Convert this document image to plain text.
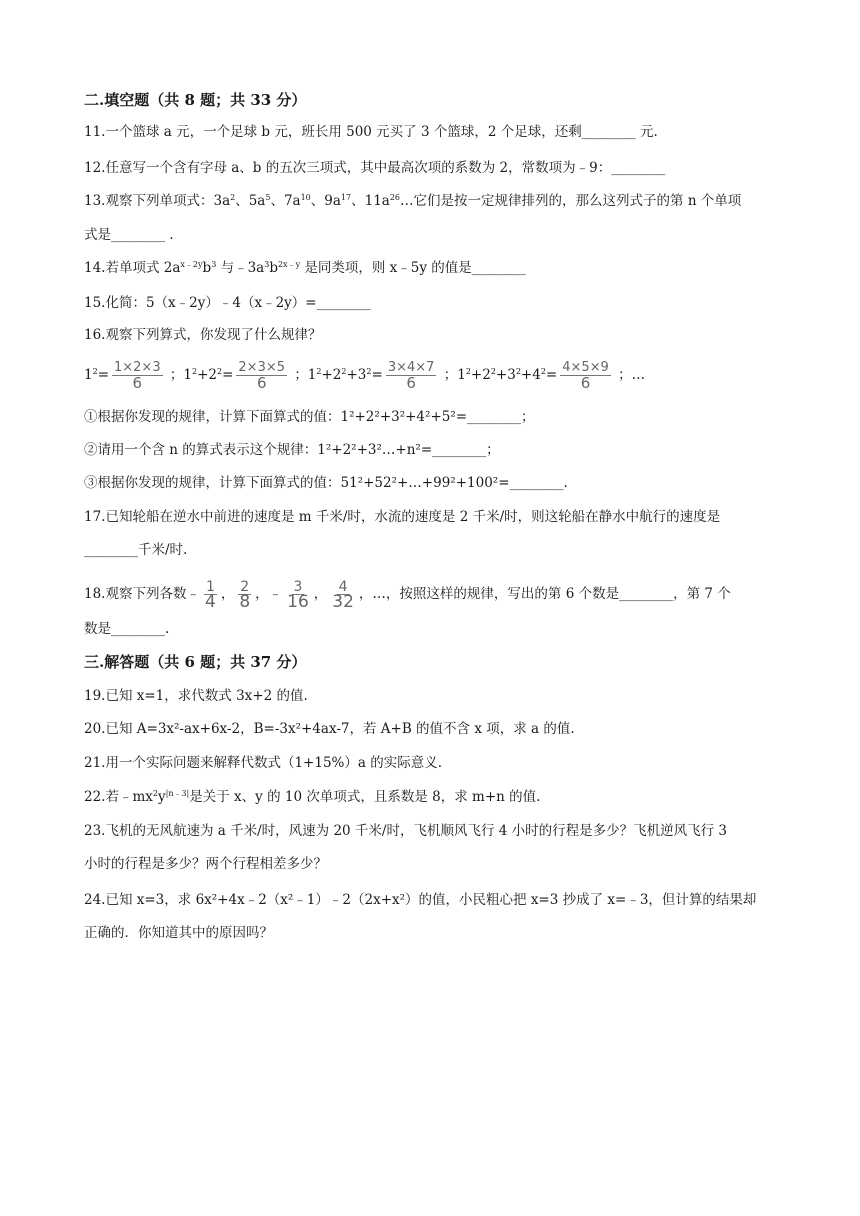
二.填空题（共 8 题；共 33 分）
11.一个篮球 a 元，一个足球 b 元，班长用 500 元买了 3 个篮球，2 个足球，还剩________ 元.
12.任意写一个含有字母 a、b 的五次三项式，其中最高次项的系数为 2，常数项为﹣9：________
13.观察下列单项式：$3a^2$、$5a^5$、$7a^{10}$、$9a^{17}$、$11a^{26}\dots$它们是按一定规律排列的，那么这列式子的第 n 个单项
式是________ .
14.若单项式 $2a^{x﹣2y}b^3$ 与$﹣3a^3b^{2x﹣y}$ 是同类项，则 x﹣5y 的值是________
15.化简：5（x﹣2y）﹣4（x﹣2y）=________
16.观察下列算式，你发现了什么规律？
$1^2= \frac{1\times 2\times 3}{6}$ ；$1^2+2^2= \frac{2\times 3\times 5}{6}$ ；$1^2+2^2+3^2= \frac{3\times 4\times 7}{6}$ ；$1^2+2^2+3^2+4^2= \frac{4\times 5\times 9}{6}$ ；…
①根据你发现的规律，计算下面算式的值：1²+2²+3²+4²+5²=________；
②请用一个含 n 的算式表示这个规律：1²+2²+3²…+n²=________；
③根据你发现的规律，计算下面算式的值：51²+52²+…+99²+100²=________.
17.已知轮船在逆水中前进的速度是 m 千米/时，水流的速度是 2 千米/时，则这轮船在静水中航行的速度是
________千米/时.
18.观察下列各数﹣ $\frac{1}{4}$ ， $\frac{2}{8}$ ，﹣ $\frac{3}{16}$ ， $\frac{4}{32}$ ，…，按照这样的规律，写出的第 6 个数是________，第 7 个
数是________.
三.解答题（共 6 题；共 37 分）
19.已知 x=1，求代数式 3x+2 的值.
20.已知 A=3x²-ax+6x-2，B=-3x²+4ax-7，若 A+B 的值不含 x 项，求 a 的值.
21.用一个实际问题来解释代数式（1+15%）a 的实际意义.
22.若$﹣mx^2y^{|n﹣3|}$是关于 x、y 的 10 次单项式，且系数是 8，求 m+n 的值.
23.飞机的无风航速为 a 千米/时，风速为 20 千米/时，飞机顺风飞行 4 小时的行程是多少？飞机逆风飞行 3
小时的行程是多少？两个行程相差多少？
24.已知 x=3，求 6x²+4x﹣2（x²﹣1）﹣2（2x+x²）的值，小民粗心把 x=3 抄成了 x=﹣3，但计算的结果却
正确的．你知道其中的原因吗？
